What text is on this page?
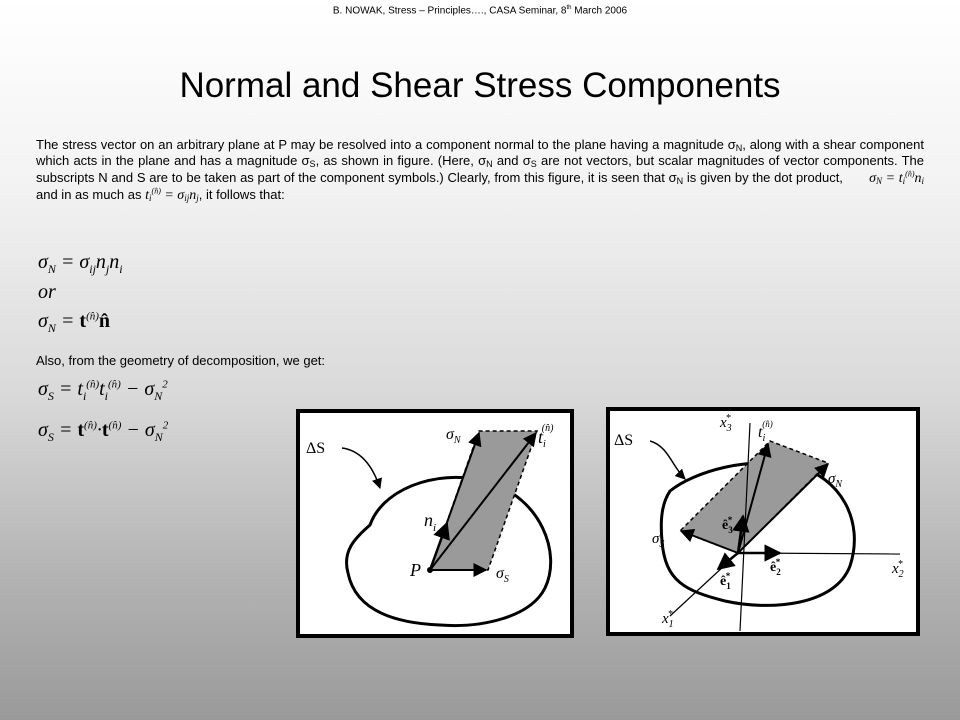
B. NOWAK, Stress – Principles…., CASA Seminar, 8th March 2006
Normal and Shear Stress Components

The stress vector on an arbitrary plane at P may be resolved into a component normal to the plane having a magnitude $\sigma_N$, along with a shear component which acts in the plane and has a magnitude $\sigma_S$, as shown in figure. (Here, $\sigma_N$ and $\sigma_S$ are not vectors, but scalar magnitudes of vector components. The subscripts N and S are to be taken as part of the component symbols.) Clearly, from this figure, it is seen that $\sigma_N$ is given by the dot product, $\sigma_N = t_i^{(n̂)}n_i$ and in as much as $t_i^{(n̂)} = \sigma_{ij}n_j$, it follows that:

$\sigma_N = \sigma_{ij}n_jn_i$
or
$\sigma_N$ = $t^{(n̂)}n̂$

Also, from the geometry of decomposition, we get:

$\sigma_S = t_i^{(n̂)}t_i^{(n̂)} - \sigma_N^2$
$\sigma_S = t^{(n̂)}\cdot t^{(n̂)} - \sigma_N^2$
ΔS
$\sigma_N$	$t_i(n̂)$
$n_i$
P	$\sigma_S$
ΔS
$x_3*$
$t_i(n̂)$
$\sigma_N$
$ê_3*$
$\sigma_S$
$ê_2*$
$ê_1*$	$x_2*$
$x_1*$
